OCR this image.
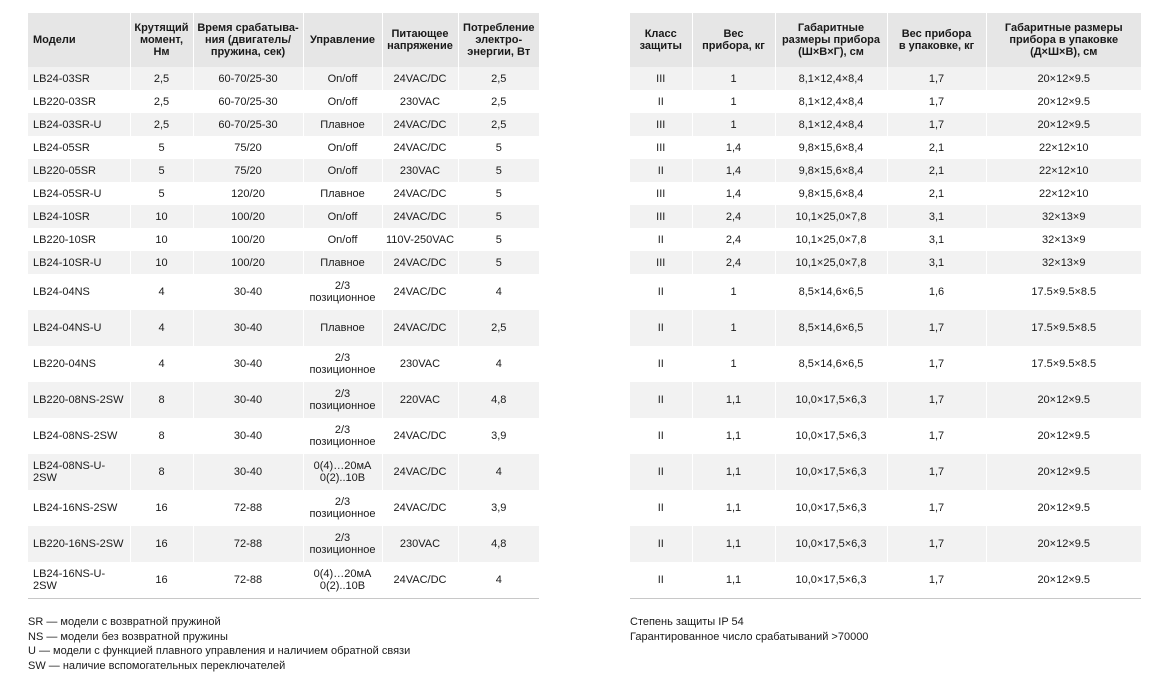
Модели	Крутящий
момент,
Нм	Время срабатыва-
ния (двигатель/
пружина, сек)	Управление	Питающее
напряжение	Потребление
электро-
энергии, Вт
LB24-03SR	2,5	60-70/25-30	On/off	24VAC/DC	2,5
LB220-03SR	2,5	60-70/25-30	On/off	230VAC	2,5
LB24-03SR-U	2,5	60-70/25-30	Плавное	24VAC/DC	2,5
LB24-05SR	5	75/20	On/off	24VAC/DC	5
LB220-05SR	5	75/20	On/off	230VAC	5
LB24-05SR-U	5	120/20	Плавное	24VAC/DC	5
LB24-10SR	10	100/20	On/off	24VAC/DC	5
LB220-10SR	10	100/20	On/off	110V-250VAC	5
LB24-10SR-U	10	100/20	Плавное	24VAC/DC	5
LB24-04NS	4	30-40	2/3
позиционное	24VAC/DC	4
LB24-04NS-U	4	30-40	Плавное	24VAC/DC	2,5
LB220-04NS	4	30-40	2/3
позиционное	230VAC	4
LB220-08NS-2SW	8	30-40	2/3
позиционное	220VAC	4,8
LB24-08NS-2SW	8	30-40	2/3
позиционное	24VAC/DC	3,9
LB24-08NS-U-2SW	8	30-40	0(4)…20мА
0(2)..10В	24VAC/DC	4
LB24-16NS-2SW	16	72-88	2/3
позиционное	24VAC/DC	3,9
LB220-16NS-2SW	16	72-88	2/3
позиционное	230VAC	4,8
LB24-16NS-U-2SW	16	72-88	0(4)…20мА
0(2)..10В	24VAC/DC	4
Класс
защиты	Вес
прибора, кг	Габаритные
размеры прибора
(Ш×В×Г), см	Вес прибора
в упаковке, кг	Габаритные размеры
прибора в упаковке
(Д×Ш×В), см
III	1	8,1×12,4×8,4	1,7	20×12×9.5
II	1	8,1×12,4×8,4	1,7	20×12×9.5
III	1	8,1×12,4×8,4	1,7	20×12×9.5
III	1,4	9,8×15,6×8,4	2,1	22×12×10
II	1,4	9,8×15,6×8,4	2,1	22×12×10
III	1,4	9,8×15,6×8,4	2,1	22×12×10
III	2,4	10,1×25,0×7,8	3,1	32×13×9
II	2,4	10,1×25,0×7,8	3,1	32×13×9
III	2,4	10,1×25,0×7,8	3,1	32×13×9
II	1	8,5×14,6×6,5	1,6	17.5×9.5×8.5
II	1	8,5×14,6×6,5	1,7	17.5×9.5×8.5
II	1	8,5×14,6×6,5	1,7	17.5×9.5×8.5
II	1,1	10,0×17,5×6,3	1,7	20×12×9.5
II	1,1	10,0×17,5×6,3	1,7	20×12×9.5
II	1,1	10,0×17,5×6,3	1,7	20×12×9.5
II	1,1	10,0×17,5×6,3	1,7	20×12×9.5
II	1,1	10,0×17,5×6,3	1,7	20×12×9.5
II	1,1	10,0×17,5×6,3	1,7	20×12×9.5
SR — модели с возвратной пружиной
NS — модели без возвратной пружины
U — модели с функцией плавного управления и наличием обратной связи
SW — наличие вспомогательных переключателей
Степень защиты IP 54
Гарантированное число срабатываний >70000
